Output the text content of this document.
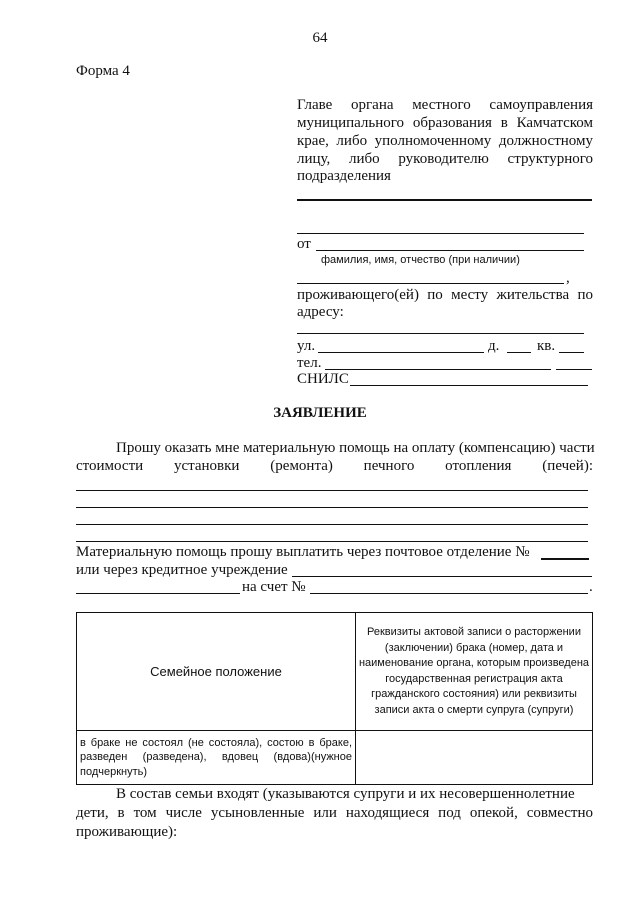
64
Форма 4
Главе органа местного самоуправления
муниципального образования в Камчатском
крае, либо уполномоченному должностному
лицу, либо руководителю структурного
подразделения
от
фамилия, имя, отчество (при наличии)
,
проживающего(ей) по месту жительства по
адресу:
ул.	д.	кв.
тел.
СНИЛС
ЗАЯВЛЕНИЕ
Прошу оказать мне материальную помощь на оплату (компенсацию) части
стоимости установки (ремонта) печного отопления (печей):
Материальную помощь прошу выплатить через почтовое отделение №
или через кредитное учреждение
на счет №	.
Семейное положение	Реквизиты актовой записи о расторжении (заключении) брака (номер, дата и наименование органа, которым произведена государственная регистрация акта гражданского состояния) или реквизиты записи акта о смерти супруга (супруги)
в браке не состоял (не состояла), состою в браке, разведен (разведена), вдовец (вдова)(нужное подчеркнуть)	
В состав семьи входят (указываются супруги и их несовершеннолетние
дети, в том числе усыновленные или находящиеся под опекой, совместно
проживающие):
